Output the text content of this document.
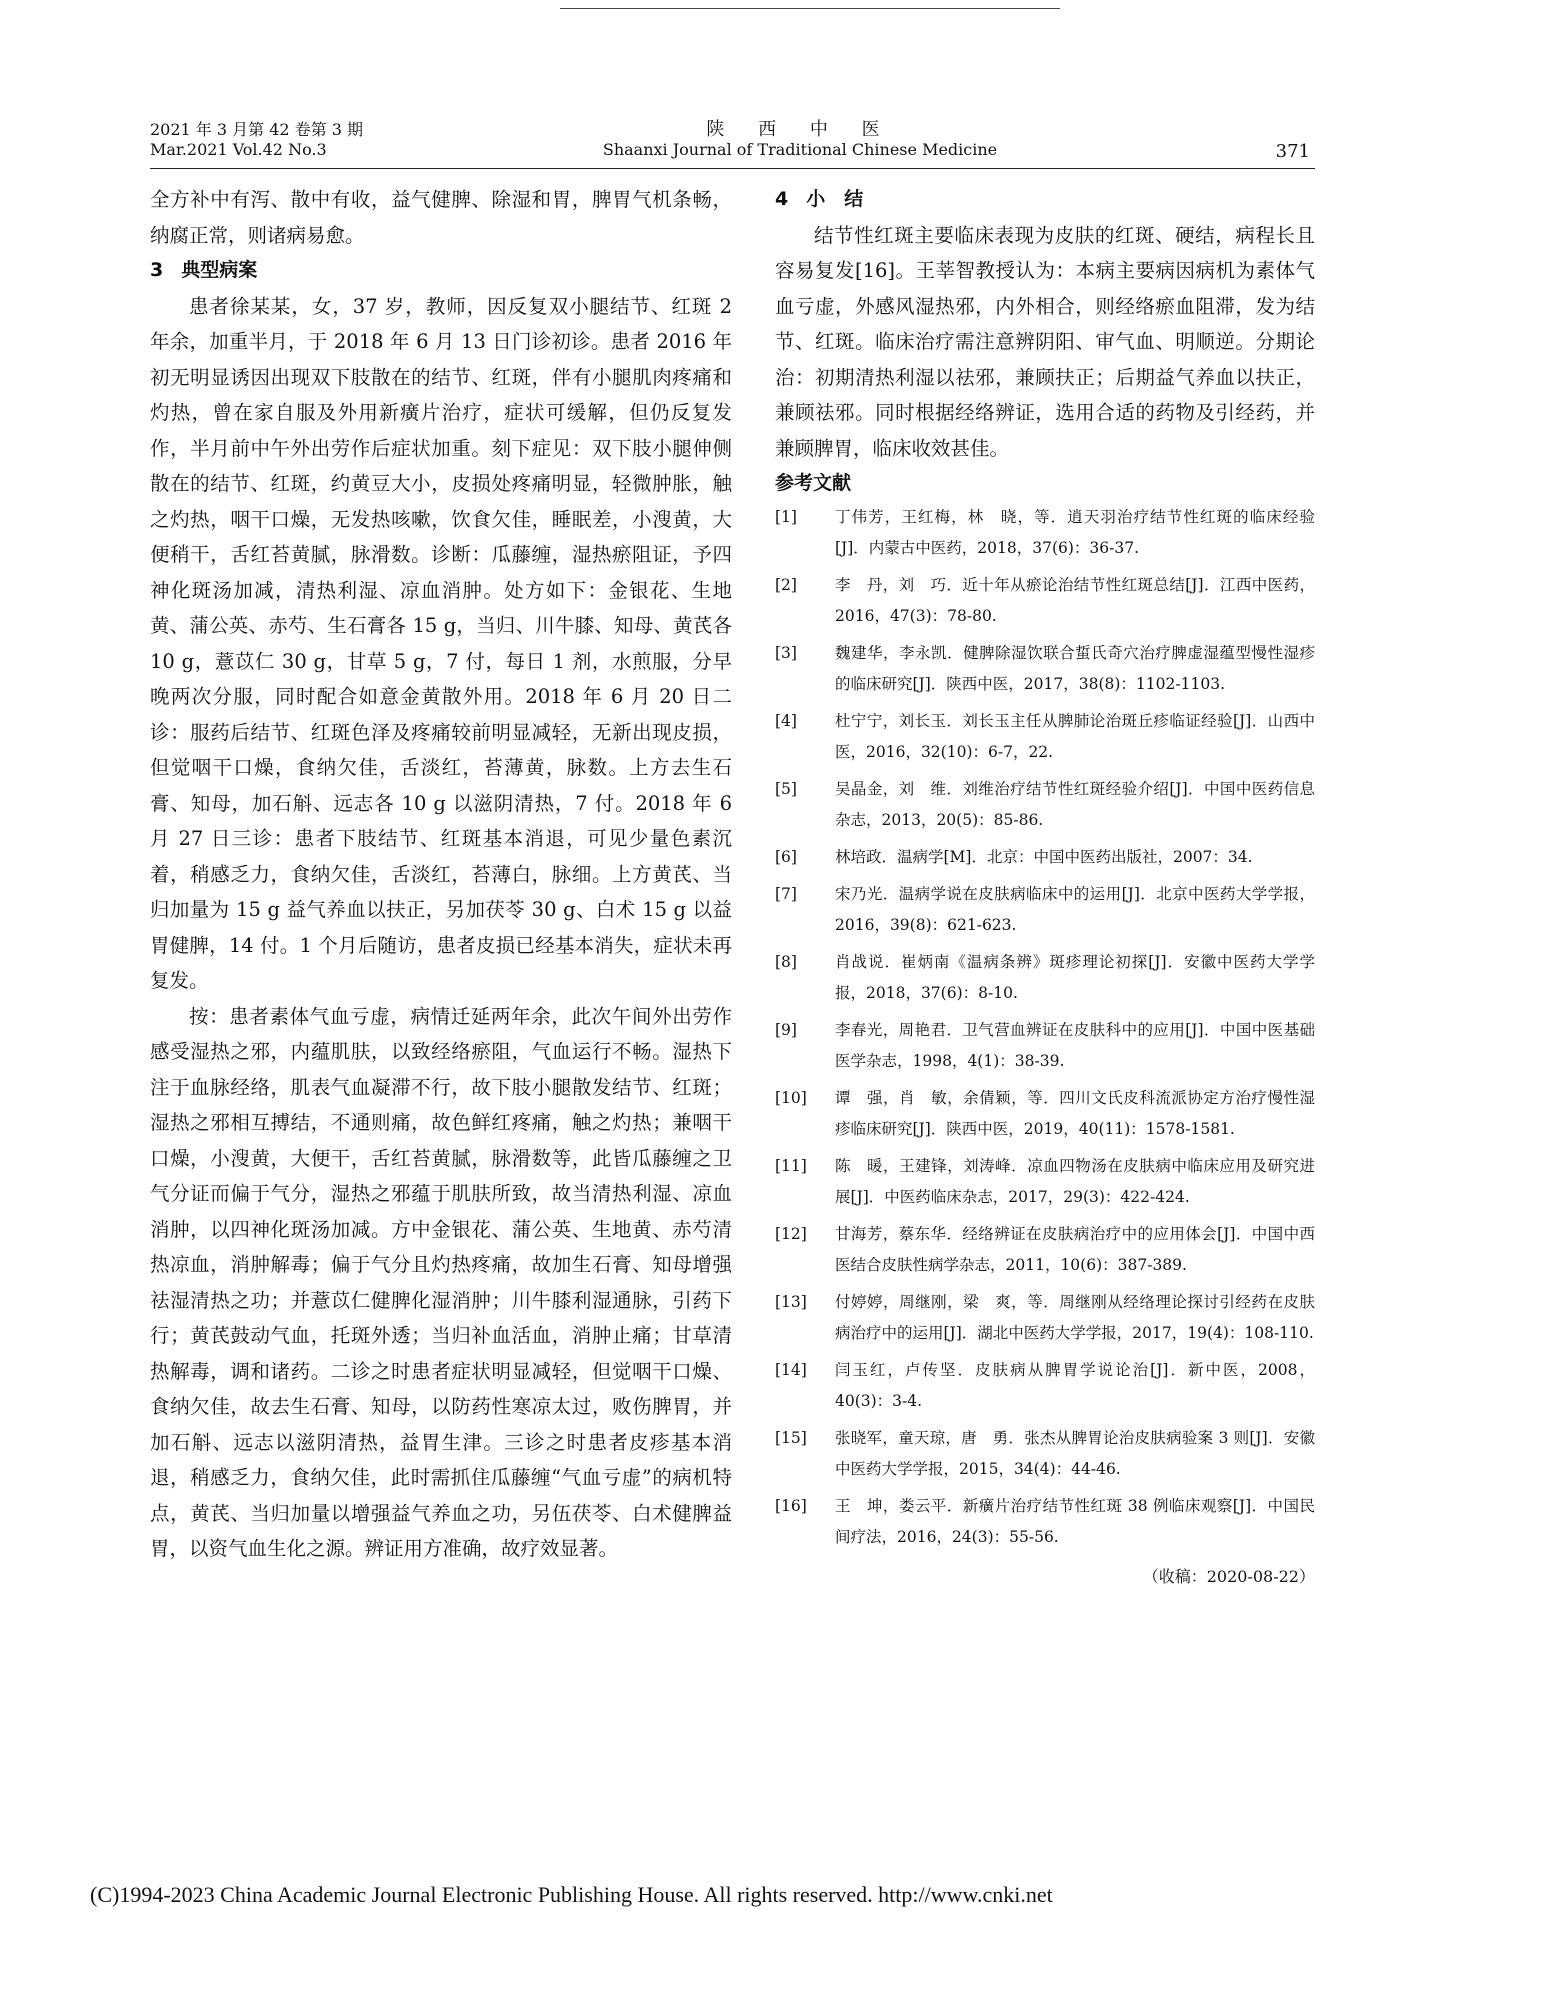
2021 年 3 月第 42 卷第 3 期
Mar.2021 Vol.42 No.3
陕 西 中 医
Shaanxi Journal of Traditional Chinese Medicine	371

全方补中有泻、散中有收，益气健脾、除湿和胃，脾胃气机条畅，纳腐正常，则诸病易愈。

3 典型病案

患者徐某某，女，37 岁，教师，因反复双小腿结节、红斑 2 年余，加重半月，于 2018 年 6 月 13 日门诊初诊。患者 2016 年初无明显诱因出现双下肢散在的结节、红斑，伴有小腿肌肉疼痛和灼热，曾在家自服及外用新癀片治疗，症状可缓解，但仍反复发作，半月前中午外出劳作后症状加重。刻下症见：双下肢小腿伸侧散在的结节、红斑，约黄豆大小，皮损处疼痛明显，轻微肿胀，触之灼热，咽干口燥，无发热咳嗽，饮食欠佳，睡眠差，小溲黄，大便稍干，舌红苔黄腻，脉滑数。诊断：瓜藤缠，湿热瘀阻证，予四神化斑汤加减，清热利湿、凉血消肿。处方如下：金银花、生地黄、蒲公英、赤芍、生石膏各 15 g，当归、川牛膝、知母、黄芪各 10 g，薏苡仁 30 g，甘草 5 g，7 付，每日 1 剂，水煎服，分早晚两次分服，同时配合如意金黄散外用。2018 年 6 月 20 日二诊：服药后结节、红斑色泽及疼痛较前明显减轻，无新出现皮损，但觉咽干口燥，食纳欠佳，舌淡红，苔薄黄，脉数。上方去生石膏、知母，加石斛、远志各 10 g 以滋阴清热，7 付。2018 年 6 月 27 日三诊：患者下肢结节、红斑基本消退，可见少量色素沉着，稍感乏力，食纳欠佳，舌淡红，苔薄白，脉细。上方黄芪、当归加量为 15 g 益气养血以扶正，另加茯苓 30 g、白术 15 g 以益胃健脾，14 付。1 个月后随访，患者皮损已经基本消失，症状未再复发。

按：患者素体气血亏虚，病情迁延两年余，此次午间外出劳作感受湿热之邪，内蕴肌肤，以致经络瘀阻，气血运行不畅。湿热下注于血脉经络，肌表气血凝滞不行，故下肢小腿散发结节、红斑；湿热之邪相互搏结，不通则痛，故色鲜红疼痛，触之灼热；兼咽干口燥，小溲黄，大便干，舌红苔黄腻，脉滑数等，此皆瓜藤缠之卫气分证而偏于气分，湿热之邪蕴于肌肤所致，故当清热利湿、凉血消肿，以四神化斑汤加减。方中金银花、蒲公英、生地黄、赤芍清热凉血，消肿解毒；偏于气分且灼热疼痛，故加生石膏、知母增强祛湿清热之功；并薏苡仁健脾化湿消肿；川牛膝利湿通脉，引药下行；黄芪鼓动气血，托斑外透；当归补血活血，消肿止痛；甘草清热解毒，调和诸药。二诊之时患者症状明显减轻，但觉咽干口燥、食纳欠佳，故去生石膏、知母，以防药性寒凉太过，败伤脾胃，并加石斛、远志以滋阴清热，益胃生津。三诊之时患者皮疹基本消退，稍感乏力，食纳欠佳，此时需抓住瓜藤缠“气血亏虚”的病机特点，黄芪、当归加量以增强益气养血之功，另伍茯苓、白术健脾益胃，以资气血生化之源。辨证用方准确，故疗效显著。

4 小　结

结节性红斑主要临床表现为皮肤的红斑、硬结，病程长且容易复发[16]。王莘智教授认为：本病主要病因病机为素体气血亏虚，外感风湿热邪，内外相合，则经络瘀血阻滞，发为结节、红斑。临床治疗需注意辨阴阳、审气血、明顺逆。分期论治：初期清热利湿以祛邪，兼顾扶正；后期益气养血以扶正，兼顾祛邪。同时根据经络辨证，选用合适的药物及引经药，并兼顾脾胃，临床收效甚佳。

参考文献
[1] 丁伟芳，王红梅，林　晓，等．逍天羽治疗结节性红斑的临床经验[J]．内蒙古中医药，2018，37(6)：36-37.
[2] 李　丹，刘　巧．近十年从瘀论治结节性红斑总结[J]．江西中医药，2016，47(3)：78-80.
[3] 魏建华，李永凯．健脾除湿饮联合蜇氏奇穴治疗脾虚湿蕴型慢性湿疹的临床研究[J]．陕西中医，2017，38(8)：1102-1103.
[4] 杜宁宁，刘长玉．刘长玉主任从脾肺论治斑丘疹临证经验[J]．山西中医，2016，32(10)：6-7，22.
[5] 吴晶金，刘　维．刘维治疗结节性红斑经验介绍[J]．中国中医药信息杂志，2013，20(5)：85-86.
[6] 林培政．温病学[M]．北京：中国中医药出版社，2007：34.
[7] 宋乃光．温病学说在皮肤病临床中的运用[J]．北京中医药大学学报，2016，39(8)：621-623.
[8] 肖战说．崔炳南《温病条辨》斑疹理论初探[J]．安徽中医药大学学报，2018，37(6)：8-10.
[9] 李春光，周艳君．卫气营血辨证在皮肤科中的应用[J]．中国中医基础医学杂志，1998，4(1)：38-39.
[10] 谭　强，肖　敏，余倩颖，等．四川文氏皮科流派协定方治疗慢性湿疹临床研究[J]．陕西中医，2019，40(11)：1578-1581.
[11] 陈　暖，王建锋，刘涛峰．凉血四物汤在皮肤病中临床应用及研究进展[J]．中医药临床杂志，2017，29(3)：422-424.
[12] 甘海芳，蔡东华．经络辨证在皮肤病治疗中的应用体会[J]．中国中西医结合皮肤性病学杂志，2011，10(6)：387-389.
[13] 付婷婷，周继刚，梁　爽，等．周继刚从经络理论探讨引经药在皮肤病治疗中的运用[J]．湖北中医药大学学报，2017，19(4)：108-110.
[14] 闫玉红，卢传坚．皮肤病从脾胃学说论治[J]．新中医，2008，40(3)：3-4.
[15] 张晓军，童天琼，唐　勇．张杰从脾胃论治皮肤病验案 3 则[J]．安徽中医药大学学报，2015，34(4)：44-46.
[16] 王　坤，娄云平．新癀片治疗结节性红斑 38 例临床观察[J]．中国民间疗法，2016，24(3)：55-56.
（收稿：2020-08-22）
(C)1994-2023 China Academic Journal Electronic Publishing House. All rights reserved. http://www.cnki.net
